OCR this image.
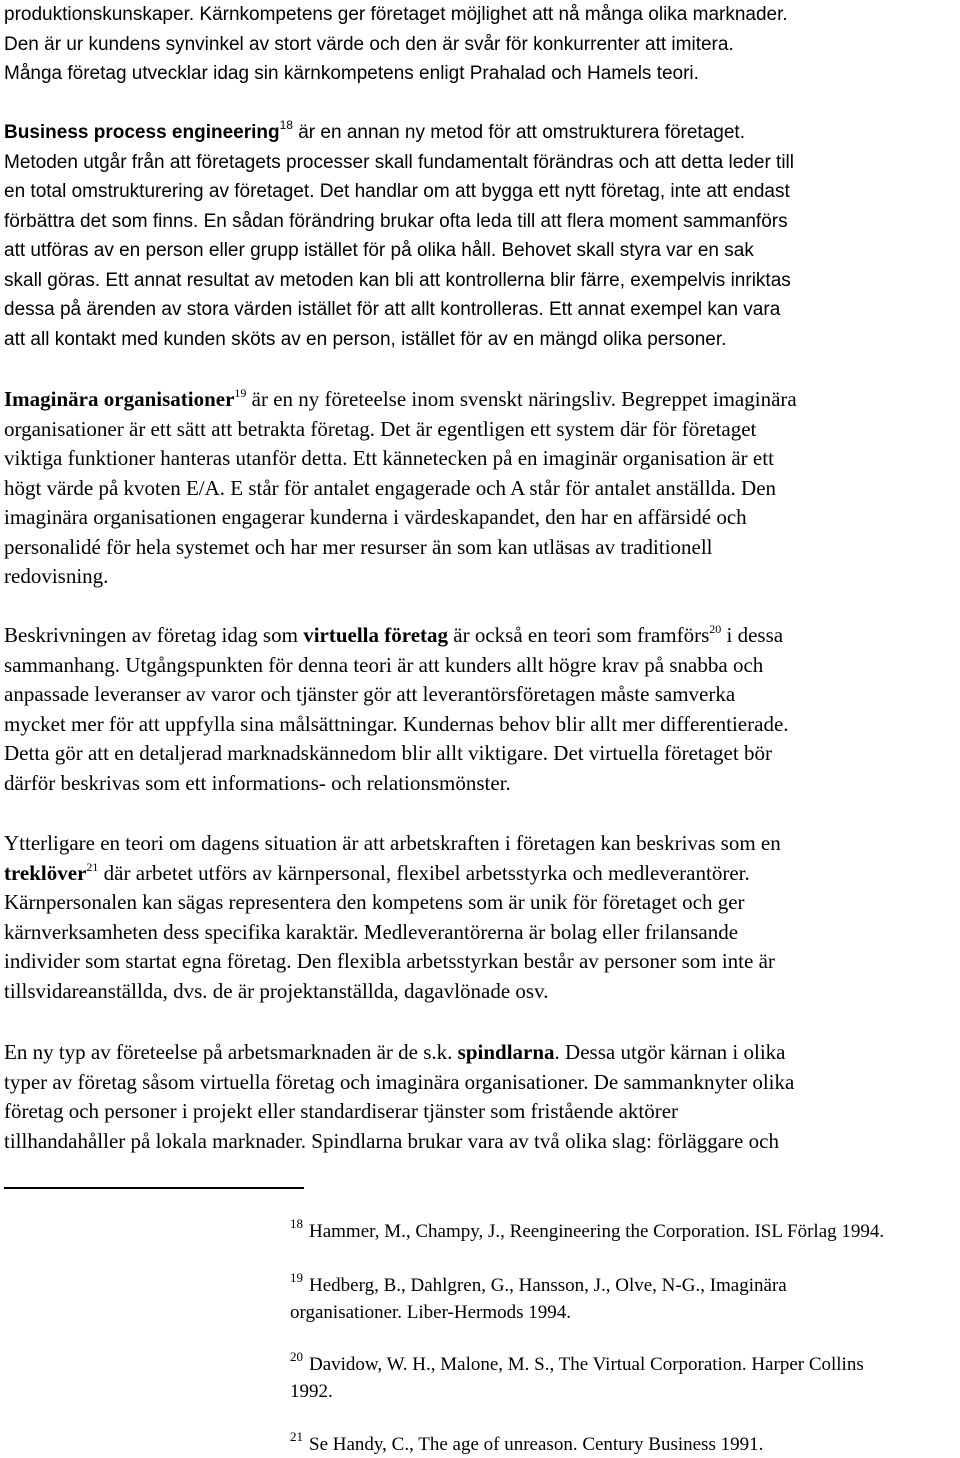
produktionskunskaper. Kärnkompetens ger företaget möjlighet att nå många olika marknader.
Den är ur kundens synvinkel av stort värde och den är svår för konkurrenter att imitera.
Många företag utvecklar idag sin kärnkompetens enligt Prahalad och Hamels teori.
Business process engineering$^{18}$ är en annan ny metod för att omstrukturera företaget.
Metoden utgår från att företagets processer skall fundamentalt förändras och att detta leder till
en total omstrukturering av företaget. Det handlar om att bygga ett nytt företag, inte att endast
förbättra det som finns. En sådan förändring brukar ofta leda till att flera moment sammanförs
att utföras av en person eller grupp istället för på olika håll. Behovet skall styra var en sak
skall göras. Ett annat resultat av metoden kan bli att kontrollerna blir färre, exempelvis inriktas
dessa på ärenden av stora värden istället för att allt kontrolleras. Ett annat exempel kan vara
att all kontakt med kunden sköts av en person, istället för av en mängd olika personer.
Imaginära organisationer$^{19}$ är en ny företeelse inom svenskt näringsliv. Begreppet imaginära
organisationer är ett sätt att betrakta företag. Det är egentligen ett system där för företaget
viktiga funktioner hanteras utanför detta. Ett kännetecken på en imaginär organisation är ett
högt värde på kvoten E/A. E står för antalet engagerade och A står för antalet anställda. Den
imaginära organisationen engagerar kunderna i värdeskapandet, den har en affärsidé och
personalidé för hela systemet och har mer resurser än som kan utläsas av traditionell
redovisning.
Beskrivningen av företag idag som virtuella företag är också en teori som framförs$^{20}$ i dessa
sammanhang. Utgångspunkten för denna teori är att kunders allt högre krav på snabba och
anpassade leveranser av varor och tjänster gör att leverantörsföretagen måste samverka
mycket mer för att uppfylla sina målsättningar. Kundernas behov blir allt mer differentierade.
Detta gör att en detaljerad marknadskännedom blir allt viktigare. Det virtuella företaget bör
därför beskrivas som ett informations- och relationsmönster.
Ytterligare en teori om dagens situation är att arbetskraften i företagen kan beskrivas som en
treklöver$^{21}$ där arbetet utförs av kärnpersonal, flexibel arbetsstyrka och medleverantörer.
Kärnpersonalen kan sägas representera den kompetens som är unik för företaget och ger
kärnverksamheten dess specifika karaktär. Medleverantörerna är bolag eller frilansande
individer som startat egna företag. Den flexibla arbetsstyrkan består av personer som inte är
tillsvidareanställda, dvs. de är projektanställda, dagavlönade osv.
En ny typ av företeelse på arbetsmarknaden är de s.k. spindlarna. Dessa utgör kärnan i olika
typer av företag såsom virtuella företag och imaginära organisationer. De sammanknyter olika
företag och personer i projekt eller standardiserar tjänster som fristående aktörer
tillhandahåller på lokala marknader. Spindlarna brukar vara av två olika slag: förläggare och
$^{18}$ Hammer, M., Champy, J., Reengineering the Corporation. ISL Förlag 1994.
$^{19}$ Hedberg, B., Dahlgren, G., Hansson, J., Olve, N-G., Imaginära
organisationer. Liber-Hermods 1994.
$^{20}$ Davidow, W. H., Malone, M. S., The Virtual Corporation. Harper Collins
1992.
$^{21}$ Se Handy, C., The age of unreason. Century Business 1991.
